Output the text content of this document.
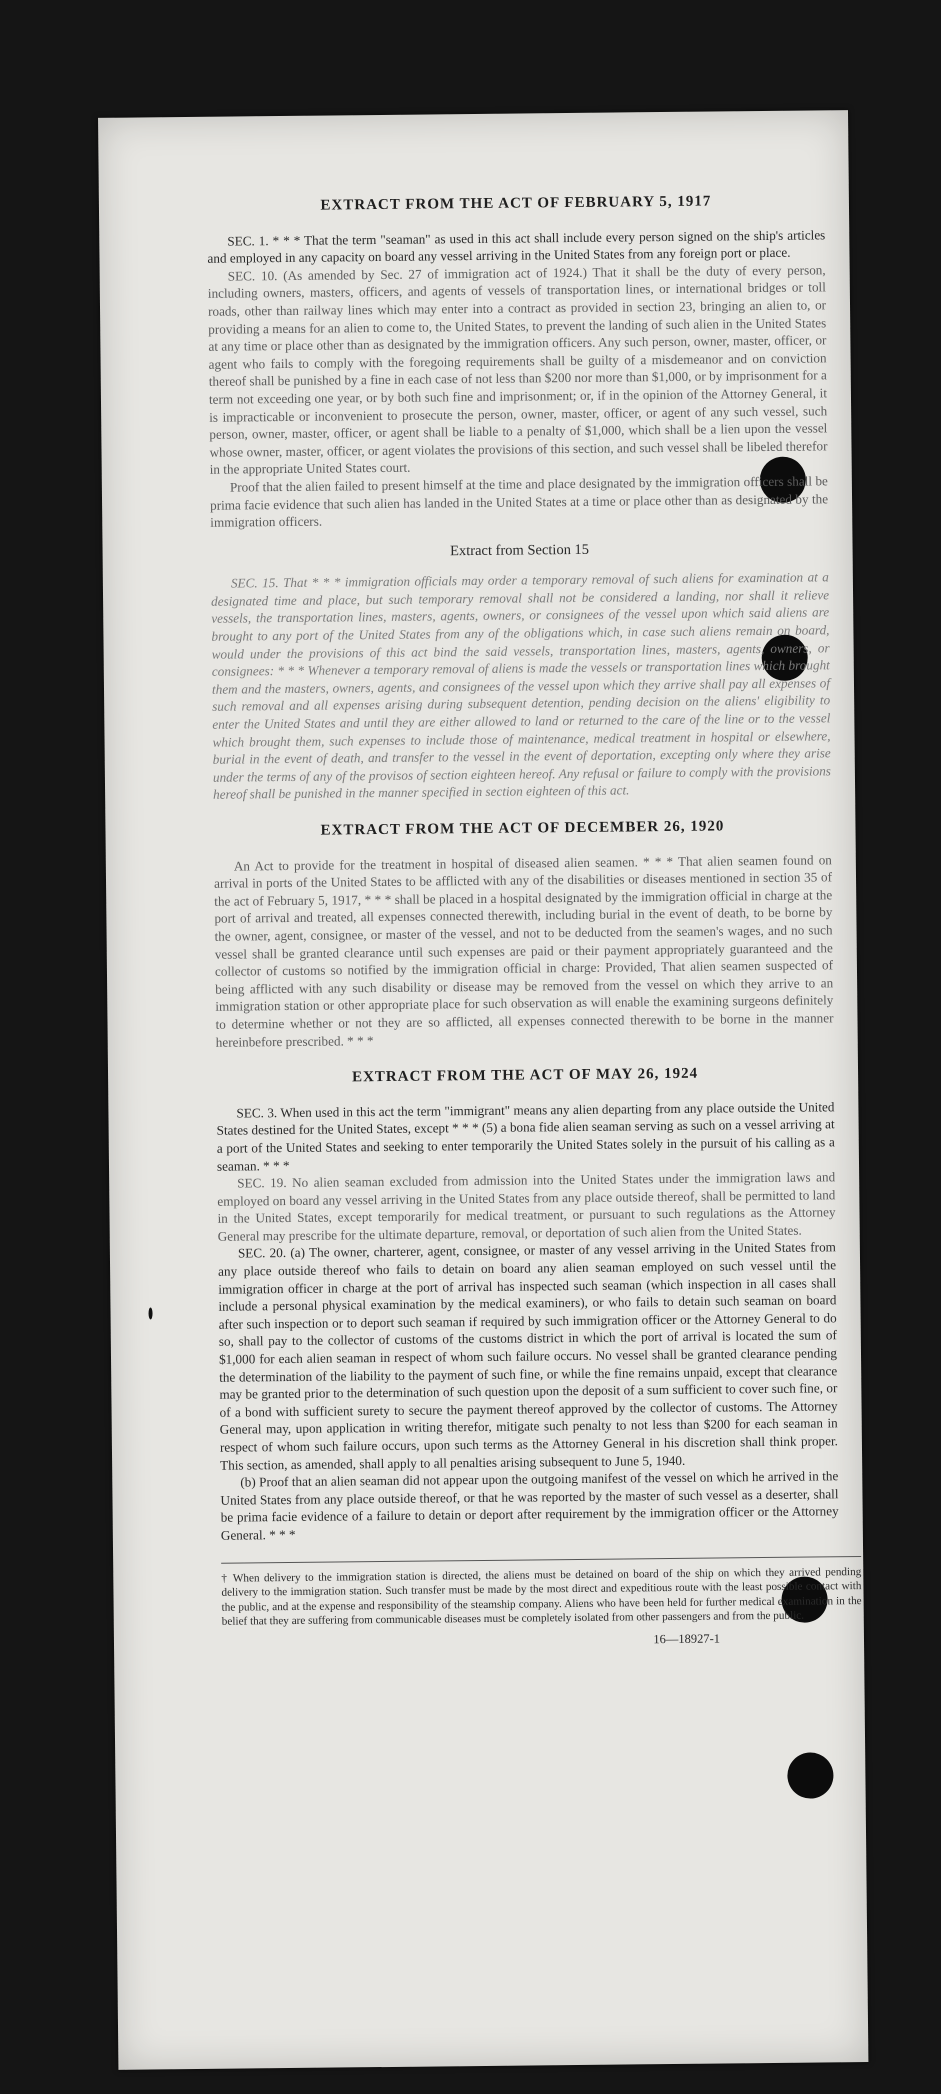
EXTRACT FROM THE ACT OF FEBRUARY 5, 1917

SEC. 1. * * * That the term "seaman" as used in this act shall include every person signed on the ship's articles and employed in any capacity on board any vessel arriving in the United States from any foreign port or place.

SEC. 10. (As amended by Sec. 27 of immigration act of 1924.) That it shall be the duty of every person, including owners, masters, officers, and agents of vessels of transportation lines, or international bridges or toll roads, other than railway lines which may enter into a contract as provided in section 23, bringing an alien to, or providing a means for an alien to come to, the United States, to prevent the landing of such alien in the United States at any time or place other than as designated by the immigration officers. Any such person, owner, master, officer, or agent who fails to comply with the foregoing requirements shall be guilty of a misdemeanor and on conviction thereof shall be punished by a fine in each case of not less than $200 nor more than $1,000, or by imprisonment for a term not exceeding one year, or by both such fine and imprisonment; or, if in the opinion of the Attorney General, it is impracticable or inconvenient to prosecute the person, owner, master, officer, or agent of any such vessel, such person, owner, master, officer, or agent shall be liable to a penalty of $1,000, which shall be a lien upon the vessel whose owner, master, officer, or agent violates the provisions of this section, and such vessel shall be libeled therefor in the appropriate United States court.

Proof that the alien failed to present himself at the time and place designated by the immigration officers shall be prima facie evidence that such alien has landed in the United States at a time or place other than as designated by the immigration officers.

Extract from Section 15

SEC. 15. That * * * immigration officials may order a temporary removal of such aliens for examination at a designated time and place, but such temporary removal shall not be considered a landing, nor shall it relieve vessels, the transportation lines, masters, agents, owners, or consignees of the vessel upon which said aliens are brought to any port of the United States from any of the obligations which, in case such aliens remain on board, would under the provisions of this act bind the said vessels, transportation lines, masters, agents, owners, or consignees: * * * Whenever a temporary removal of aliens is made the vessels or transportation lines which brought them and the masters, owners, agents, and consignees of the vessel upon which they arrive shall pay all expenses of such removal and all expenses arising during subsequent detention, pending decision on the aliens' eligibility to enter the United States and until they are either allowed to land or returned to the care of the line or to the vessel which brought them, such expenses to include those of maintenance, medical treatment in hospital or elsewhere, burial in the event of death, and transfer to the vessel in the event of deportation, excepting only where they arise under the terms of any of the provisos of section eighteen hereof. Any refusal or failure to comply with the provisions hereof shall be punished in the manner specified in section eighteen of this act.

EXTRACT FROM THE ACT OF DECEMBER 26, 1920

An Act to provide for the treatment in hospital of diseased alien seamen. * * * That alien seamen found on arrival in ports of the United States to be afflicted with any of the disabilities or diseases mentioned in section 35 of the act of February 5, 1917, * * * shall be placed in a hospital designated by the immigration official in charge at the port of arrival and treated, all expenses connected therewith, including burial in the event of death, to be borne by the owner, agent, consignee, or master of the vessel, and not to be deducted from the seamen's wages, and no such vessel shall be granted clearance until such expenses are paid or their payment appropriately guaranteed and the collector of customs so notified by the immigration official in charge: Provided, That alien seamen suspected of being afflicted with any such disability or disease may be removed from the vessel on which they arrive to an immigration station or other appropriate place for such observation as will enable the examining surgeons definitely to determine whether or not they are so afflicted, all expenses connected therewith to be borne in the manner hereinbefore prescribed. * * *

EXTRACT FROM THE ACT OF MAY 26, 1924

SEC. 3. When used in this act the term "immigrant" means any alien departing from any place outside the United States destined for the United States, except * * * (5) a bona fide alien seaman serving as such on a vessel arriving at a port of the United States and seeking to enter temporarily the United States solely in the pursuit of his calling as a seaman. * * *

SEC. 19. No alien seaman excluded from admission into the United States under the immigration laws and employed on board any vessel arriving in the United States from any place outside thereof, shall be permitted to land in the United States, except temporarily for medical treatment, or pursuant to such regulations as the Attorney General may prescribe for the ultimate departure, removal, or deportation of such alien from the United States.

SEC. 20. (a) The owner, charterer, agent, consignee, or master of any vessel arriving in the United States from any place outside thereof who fails to detain on board any alien seaman employed on such vessel until the immigration officer in charge at the port of arrival has inspected such seaman (which inspection in all cases shall include a personal physical examination by the medical examiners), or who fails to detain such seaman on board after such inspection or to deport such seaman if required by such immigration officer or the Attorney General to do so, shall pay to the collector of customs of the customs district in which the port of arrival is located the sum of $1,000 for each alien seaman in respect of whom such failure occurs. No vessel shall be granted clearance pending the determination of the liability to the payment of such fine, or while the fine remains unpaid, except that clearance may be granted prior to the determination of such question upon the deposit of a sum sufficient to cover such fine, or of a bond with sufficient surety to secure the payment thereof approved by the collector of customs. The Attorney General may, upon application in writing therefor, mitigate such penalty to not less than $200 for each seaman in respect of whom such failure occurs, upon such terms as the Attorney General in his discretion shall think proper. This section, as amended, shall apply to all penalties arising subsequent to June 5, 1940.

(b) Proof that an alien seaman did not appear upon the outgoing manifest of the vessel on which he arrived in the United States from any place outside thereof, or that he was reported by the master of such vessel as a deserter, shall be prima facie evidence of a failure to detain or deport after requirement by the immigration officer or the Attorney General. * * *

† When delivery to the immigration station is directed, the aliens must be detained on board of the ship on which they arrived pending delivery to the immigration station. Such transfer must be made by the most direct and expeditious route with the least possible contact with the public, and at the expense and responsibility of the steamship company. Aliens who have been held for further medical examination in the belief that they are suffering from communicable diseases must be completely isolated from other passengers and from the public.
16—18927-1
